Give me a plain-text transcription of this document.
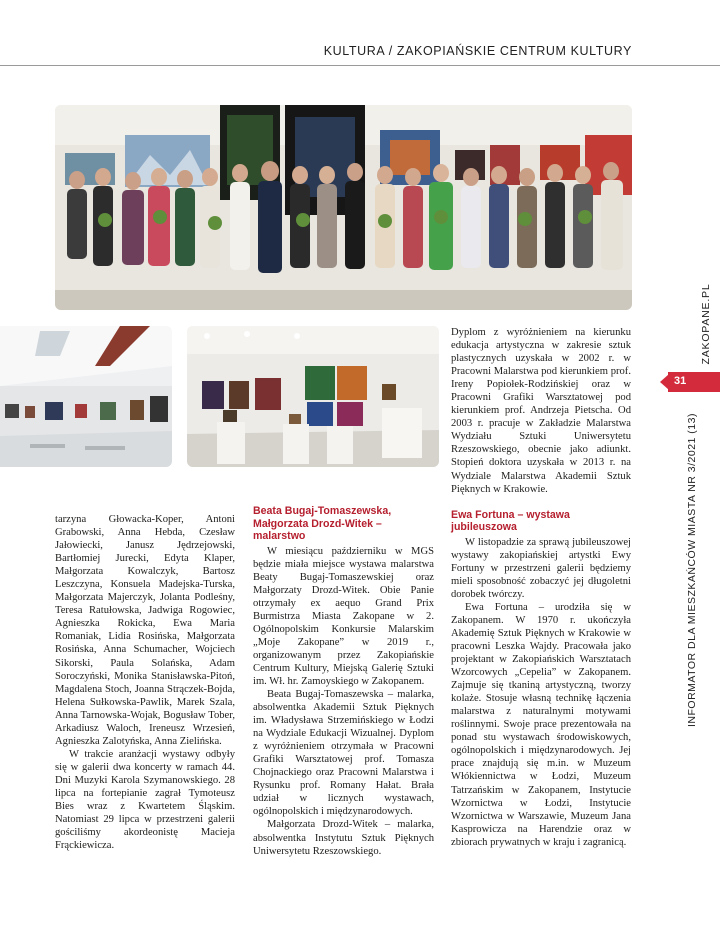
KULTURA / ZAKOPIAŃSKIE CENTRUM KULTURY

tarzyna Głowacka-Koper, Antoni Grabowski, Anna Hebda, Czesław Jałowiecki, Janusz Jędrzejowski, Bartłomiej Jurecki, Edyta Klaper, Małgorzata Kowalczyk, Bartosz Leszczyna, Konsuela Madejska-Turska, Małgorzata Majerczyk, Jolanta Podleśny, Teresa Ratułowska, Jadwiga Rogowiec, Agnieszka Rokicka, Ewa Maria Romaniak, Lidia Rosińska, Małgorzata Rosińska, Anna Schumacher, Wojciech Sikorski, Paula Solańska, Adam Soroczyński, Monika Stanisławska-Pitoń, Magdalena Stoch, Joanna Strączek-Bojda, Helena Sułkowska-Pawlik, Marek Szala, Anna Tarnowska-Wojak, Bogusław Tober, Arkadiusz Waloch, Ireneusz Wrzesień, Agnieszka Zalotyńska, Anna Zielińska.

W trakcie aranżacji wystawy odbyły się w galerii dwa koncerty w ramach 44. Dni Muzyki Karola Szymanowskiego. 28 lipca na fortepianie zagrał Tymoteusz Bies wraz z Kwartetem Śląskim. Natomiast 29 lipca w przestrzeni galerii gościliśmy akordeonistę Macieja Frąckiewicza.

Beata Bugaj-Tomaszewska, Małgorzata Drozd-Witek – malarstwo

W miesiącu październiku w MGS będzie miała miejsce wystawa malarstwa Beaty Bugaj-Tomaszewskiej oraz Małgorzaty Drozd-Witek. Obie Panie otrzymały ex aequo Grand Prix Burmistrza Miasta Zakopane w 2. Ogólnopolskim Konkursie Malarskim „Moje Zakopane” w 2019 r., organizowanym przez Zakopiańskie Centrum Kultury, Miejską Galerię Sztuki im. Wł. hr. Zamoyskiego w Zakopanem.

Beata Bugaj-Tomaszewska – malarka, absolwentka Akademii Sztuk Pięknych im. Władysława Strzemińskiego w Łodzi na Wydziale Edukacji Wizualnej. Dyplom z wyróżnieniem otrzymała w Pracowni Grafiki Warsztatowej prof. Tomasza Chojnackiego oraz Pracowni Malarstwa i Rysunku prof. Romany Hałat. Brała udział w licznych wystawach, ogólnopolskich i międzynarodowych.

Małgorzata Drozd-Witek – malarka, absolwentka Instytutu Sztuk Pięknych Uniwersytetu Rzeszowskiego.

Dyplom z wyróżnieniem na kierunku edukacja artystyczna w zakresie sztuk plastycznych uzyskała w 2002 r. w Pracowni Malarstwa pod kierunkiem prof. Ireny Popiołek-Rodzińskiej oraz w Pracowni Grafiki Warsztatowej pod kierunkiem prof. Andrzeja Pietscha. Od 2003 r. pracuje w Zakładzie Malarstwa Wydziału Sztuki Uniwersytetu Rzeszowskiego, obecnie jako adiunkt. Stopień doktora uzyskała w 2013 r. na Wydziale Malarstwa Akademii Sztuk Pięknych w Krakowie.

Ewa Fortuna – wystawa jubileuszowa

W listopadzie za sprawą jubileuszowej wystawy zakopiańskiej artystki Ewy Fortuny w przestrzeni galerii będziemy mieli sposobność zobaczyć jej długoletni dorobek twórczy.

Ewa Fortuna – urodziła się w Zakopanem. W 1970 r. ukończyła Akademię Sztuk Pięknych w Krakowie w pracowni Leszka Wajdy. Pracowała jako projektant w Zakopiańskich Warsztatach Wzorcowych „Cepelia” w Zakopanem. Zajmuje się tkaniną artystyczną, tworzy kolaże. Stosuje własną technikę łączenia malarstwa z naturalnymi motywami roślinnymi. Swoje prace prezentowała na ponad stu wystawach środowiskowych, ogólnopolskich i międzynarodowych. Jej prace znajdują się m.in. w Muzeum Włókiennictwa w Łodzi, Muzeum Tatrzańskim w Zakopanem, Instytucie Wzornictwa w Łodzi, Instytucie Wzornictwa w Warszawie, Muzeum Jana Kasprowicza na Harendzie oraz w zbiorach prywatnych w kraju i zagranicą.

ZAKOPANE.PL
31
INFORMATOR DLA MIESZKAŃCÓW MIASTA NR 3/2021 (13)
